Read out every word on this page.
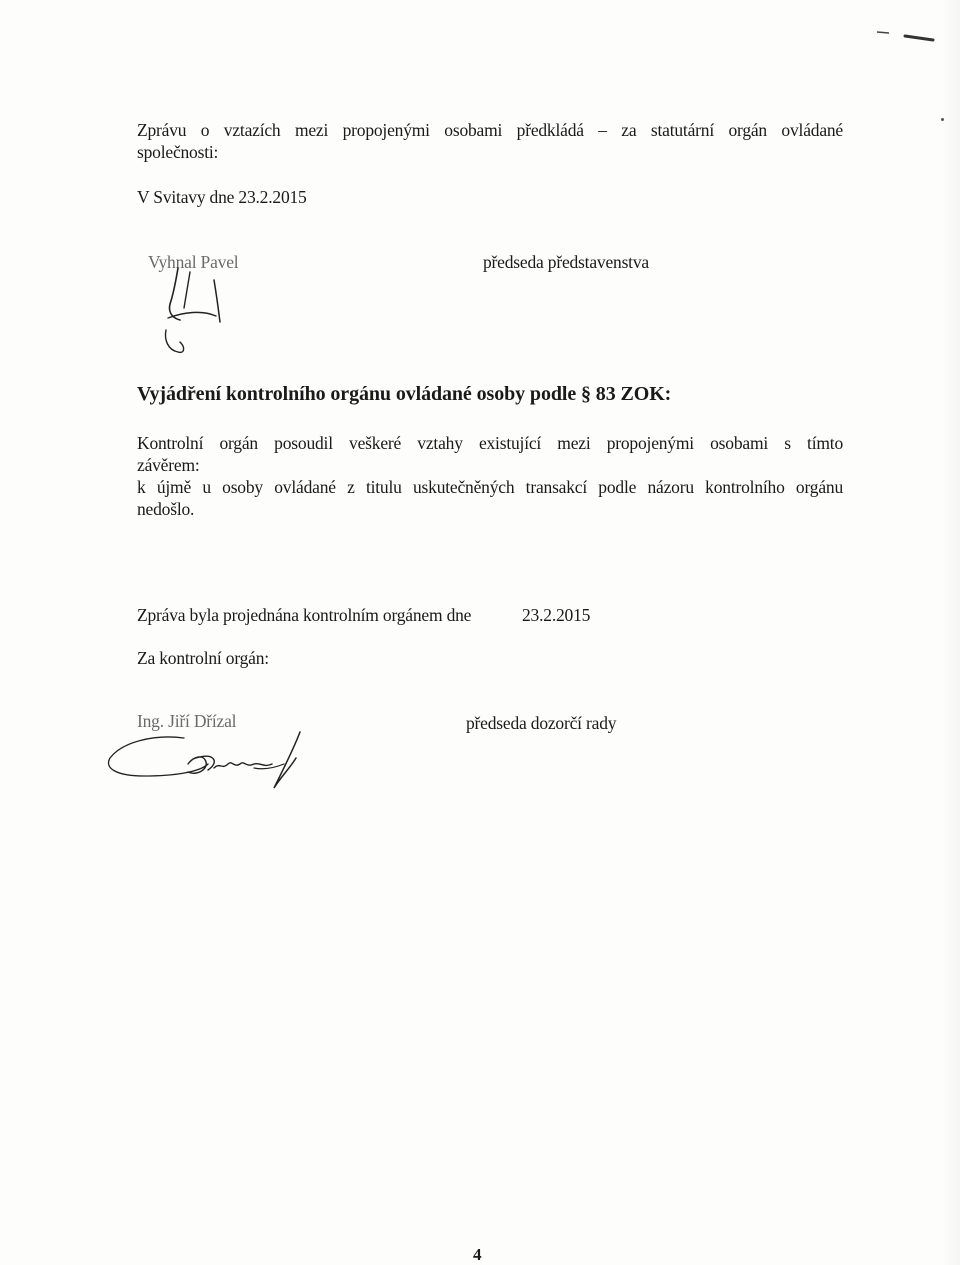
Zprávu o vztazích mezi propojenými osobami předkládá – za statutární orgán ovládané
společnosti:
V Svitavy dne 23.2.2015
Vyhnal Pavel	předseda představenstva
Vyjádření kontrolního orgánu ovládané osoby podle § 83 ZOK:
Kontrolní orgán posoudil veškeré vztahy existující mezi propojenými osobami s tímto
závěrem:
k újmě u osoby ovládané z titulu uskutečněných transakcí podle názoru kontrolního orgánu
nedošlo.
Zpráva byla projednána kontrolním orgánem dne	23.2.2015
Za kontrolní orgán:
Ing. Jiří Dřízal	předseda dozorčí rady
4
